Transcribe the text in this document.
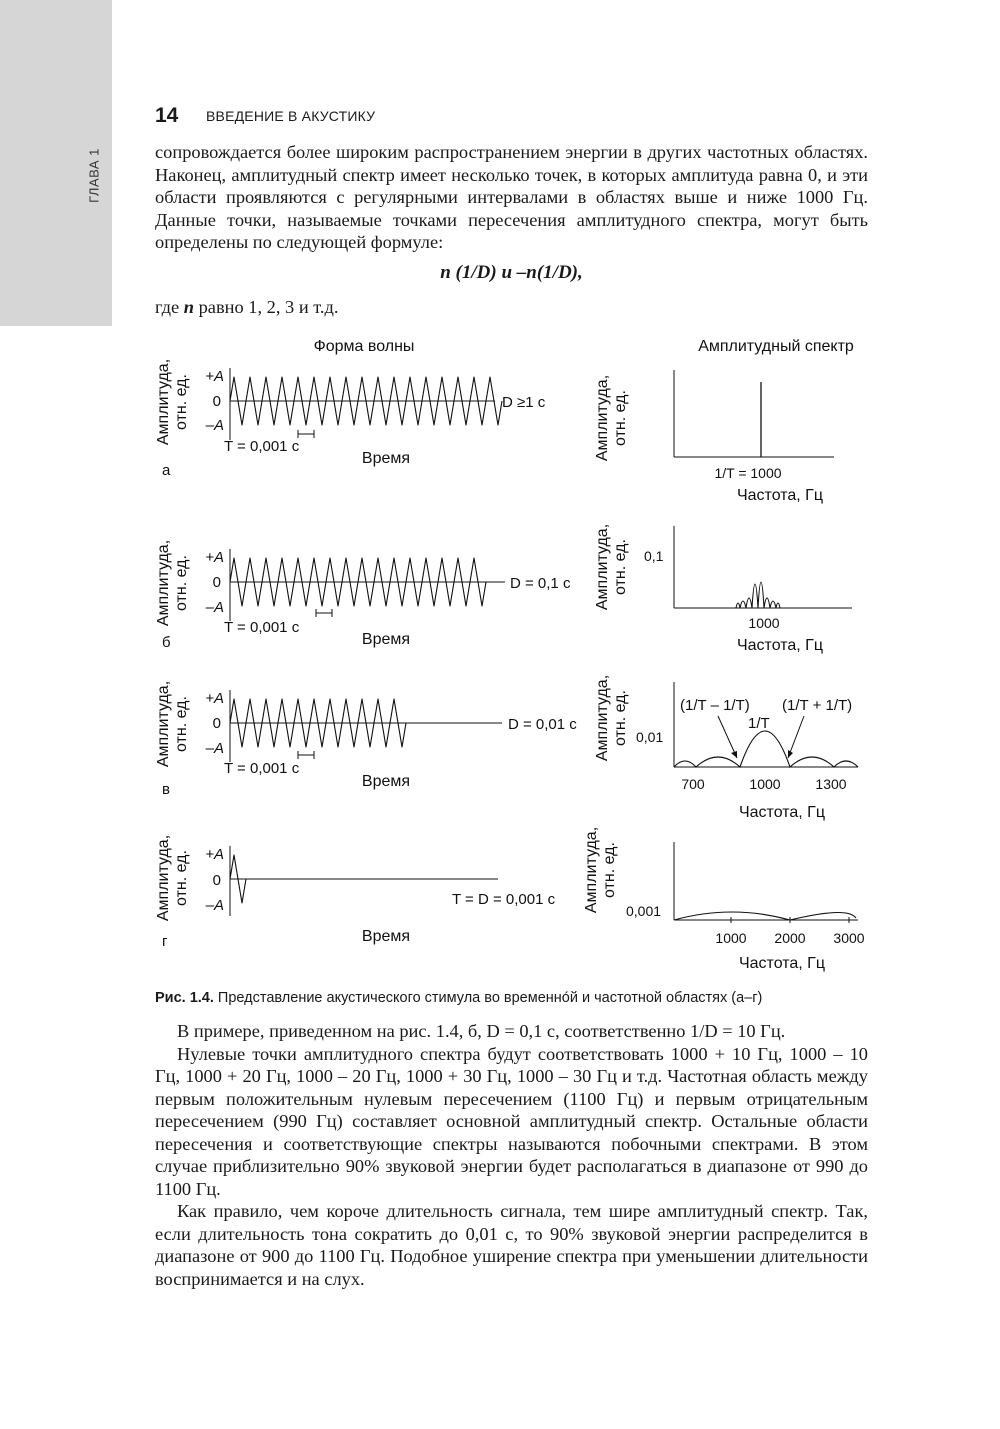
ГЛАВА 1
14 ВВЕДЕНИЕ В АКУСТИКУ

сопровождается более широким распространением энергии в других частотных областях. Наконец, амплитудный спектр имеет несколько точек, в которых амплитуда равна 0, и эти области проявляются с регулярными интервалами в областях выше и ниже 1000 Гц. Данные точки, называемые точками пересечения амплитудного спектра, могут быть определены по следующей формуле:

n (1/D) и –n(1/D),
где n равно 1, 2, 3 и т.д.
Форма волны	Амплитудный спектр
Амплитуда, отн. ед. +A
0
–A
D ≥1 c
T = 0,001 c
Время
а
Амплитуда, отн. ед.
1/T = 1000
Частота, Гц
Амплитуда, отн. ед. +A
0
–A
D = 0,1 c
T = 0,001 c
Время
б
Амплитуда, отн. ед. 0,1
1000
Частота, Гц
Амплитуда, отн. ед. +A
0
–A
D = 0,01 c
T = 0,001 c
Время
в
Амплитуда, отн. ед. 0,01
(1/T – 1/T) (1/T + 1/T)
1/T
700	1000 1300
Частота, Гц
Амплитуда, отн. ед. +A
0
–A	T = D = 0,001 c
Время
г
Амплитуда, отн. ед.
0,001
1000 2000 3000
Частота, Гц
Рис. 1.4. Представление акустического стимула во временно́й и частотной областях (а–г)

В примере, приведенном на рис. 1.4, б, D = 0,1 с, соответственно 1/D = 10 Гц.

Нулевые точки амплитудного спектра будут соответствовать 1000 + 10 Гц, 1000 – 10 Гц, 1000 + 20 Гц, 1000 – 20 Гц, 1000 + 30 Гц, 1000 – 30 Гц и т.д. Частотная область между первым положительным нулевым пересечением (1100 Гц) и первым отрицательным пересечением (990 Гц) составляет основной амплитудный спектр. Остальные области пересечения и соответствующие спектры называются побочными спектрами. В этом случае приблизительно 90% звуковой энергии будет располагаться в диапазоне от 990 до 1100 Гц.

Как правило, чем короче длительность сигнала, тем шире амплитудный спектр. Так, если длительность тона сократить до 0,01 с, то 90% звуковой энергии распределится в диапазоне от 900 до 1100 Гц. Подобное уширение спектра при уменьшении длительности воспринимается и на слух.
